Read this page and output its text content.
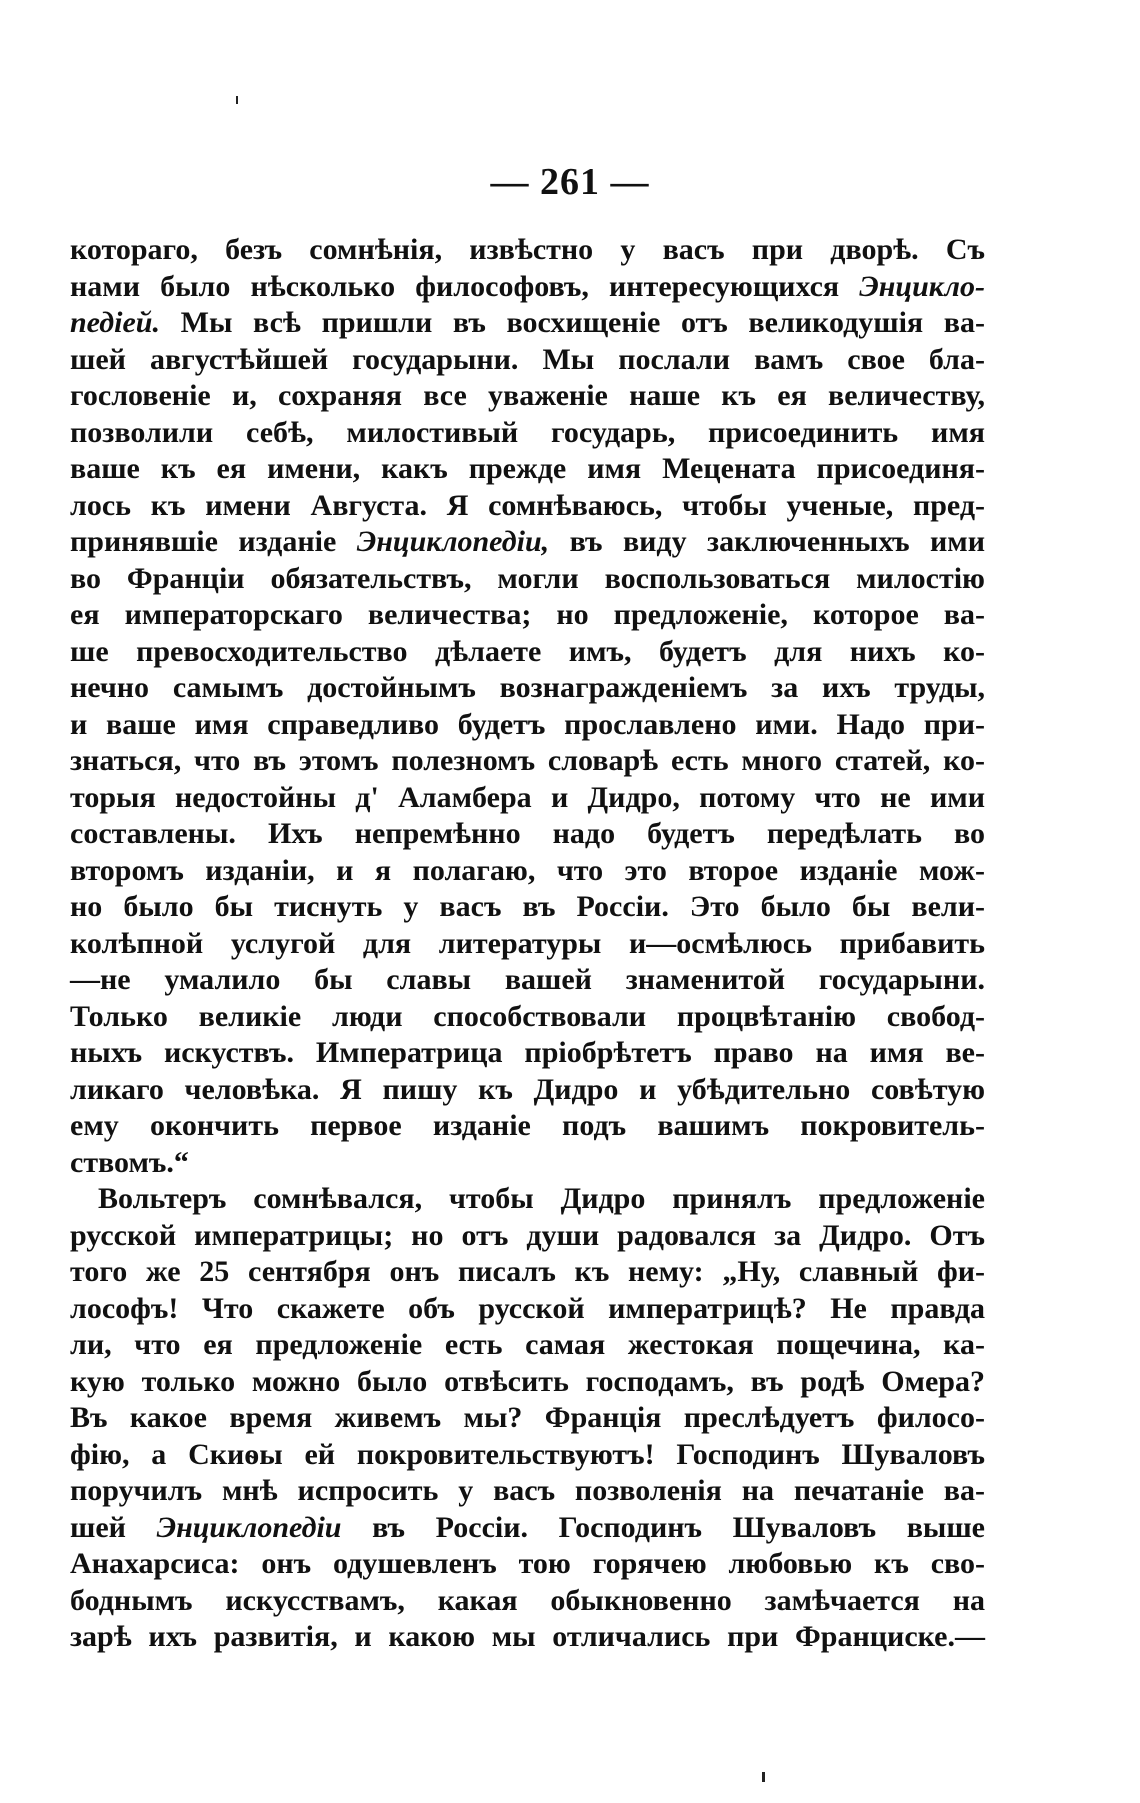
— 261 —
котораго, безъ сомнѣнія, извѣстно у васъ при дворѣ. Съ
нами было нѣсколько философовъ, интересующихся Энцикло-
педіей. Мы всѣ пришли въ восхищеніе отъ великодушія ва-
шей августѣйшей государыни. Мы послали вамъ свое бла-
гословеніе и, сохраняя все уваженіе наше къ ея величеству,
позволили себѣ, милостивый государь, присоединить имя
ваше къ ея имени, какъ прежде имя Мецената присоединя-
лось къ имени Августа. Я сомнѣваюсь, чтобы ученые, пред-
принявшіе изданіе Энциклопедіи, въ виду заключенныхъ ими
во Франціи обязательствъ, могли воспользоваться милостію
ея императорскаго величества; но предложеніе, которое ва-
ше превосходительство дѣлаете имъ, будетъ для нихъ ко-
нечно самымъ достойнымъ вознагражденіемъ за ихъ труды,
и ваше имя справедливо будетъ прославлено ими. Надо при-
знаться, что въ этомъ полезномъ словарѣ есть много статей, ко-
торыя недостойны д' Аламбера и Дидро, потому что не ими
составлены. Ихъ непремѣнно надо будетъ передѣлать во
второмъ изданіи, и я полагаю, что это второе изданіе мож-
но было бы тиснуть у васъ въ Россіи. Это было бы вели-
колѣпной услугой для литературы и—осмѣлюсь прибавить
—не умалило бы славы вашей знаменитой государыни.
Только великіе люди способствовали процвѣтанію свобод-
ныхъ искуствъ. Императрица пріобрѣтетъ право на имя ве-
ликаго человѣка. Я пишу къ Дидро и убѣдительно совѣтую
ему окончить первое изданіе подъ вашимъ покровитель-
ствомъ.“
Вольтеръ сомнѣвался, чтобы Дидро принялъ предложеніе
русской императрицы; но отъ души радовался за Дидро. Отъ
того же 25 сентября онъ писалъ къ нему: „Ну, славный фи-
лософъ! Что скажете объ русской императрицѣ? Не правда
ли, что ея предложеніе есть самая жестокая пощечина, ка-
кую только можно было отвѣсить господамъ, въ родѣ Омера?
Въ какое время живемъ мы? Франція преслѣдуетъ филосо-
фію, а Скиѳы ей покровительствуютъ! Господинъ Шуваловъ
поручилъ мнѣ испросить у васъ позволенія на печатаніе ва-
шей Энциклопедіи въ Россіи. Господинъ Шуваловъ выше
Анахарсиса: онъ одушевленъ тою горячею любовью къ сво-
боднымъ искусствамъ, какая обыкновенно замѣчается на
зарѣ ихъ развитія, и какою мы отличались при Франциске.—
